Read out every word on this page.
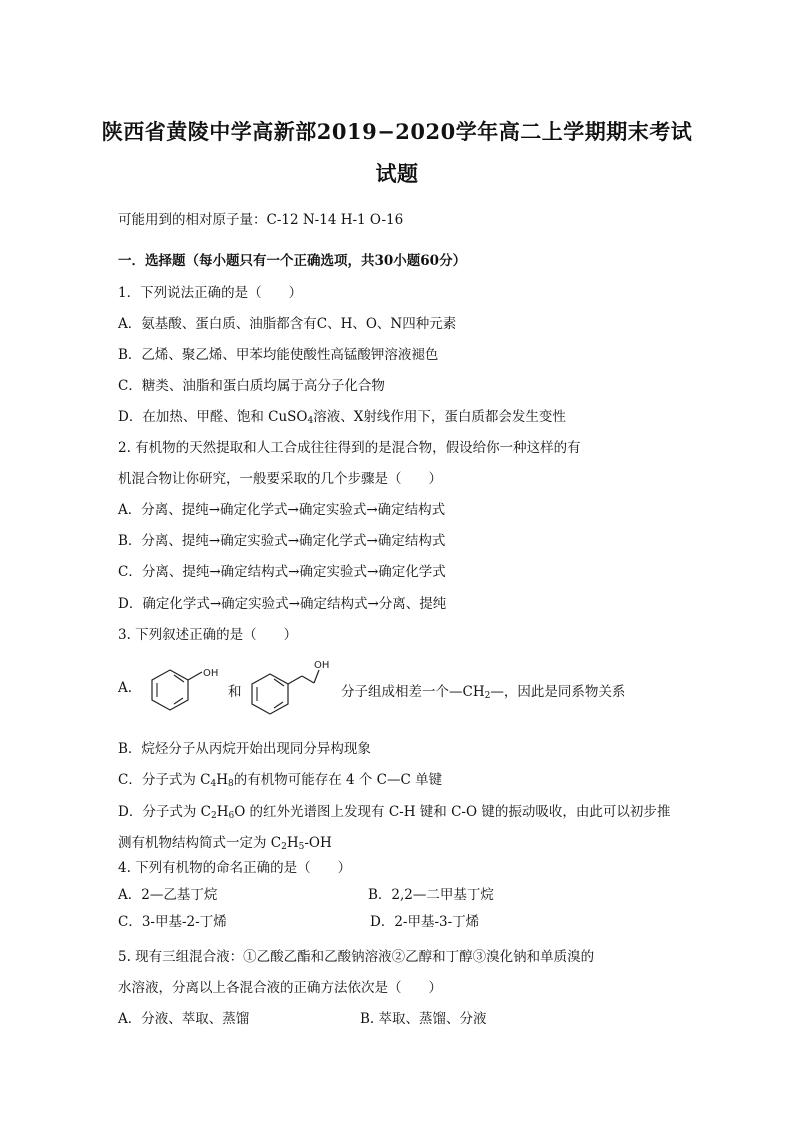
陕西省黄陵中学高新部2019−2020学年高二上学期期末考试
试题
可能用到的相对原子量：C-12 N-14 H-1 O-16
一．选择题（每小题只有一个正确选项，共30小题60分）
1．下列说法正确的是（　　）
A．氨基酸、蛋白质、油脂都含有C、H、O、N四种元素
B．乙烯、聚乙烯、甲苯均能使酸性高锰酸钾溶液褪色
C．糖类、油脂和蛋白质均属于高分子化合物
D．在加热、甲醛、饱和 CuSO$_4$溶液、X射线作用下，蛋白质都会发生变性
2. 有机物的天然提取和人工合成往往得到的是混合物，假设给你一种这样的有
机混合物让你研究，一般要采取的几个步骤是（　　）
A．分离、提纯→确定化学式→确定实验式→确定结构式
B．分离、提纯→确定实验式→确定化学式→确定结构式
C．分离、提纯→确定结构式→确定实验式→确定化学式
D．确定化学式→确定实验式→确定结构式→分离、提纯
3. 下列叙述正确的是（　　）
A.
OH
和
OH
分子组成相差一个$—CH_2—$，因此是同系物关系
B．烷烃分子从丙烷开始出现同分异构现象
C．分子式为 $C_4H_8$的有机物可能存在 4 个 C—C 单键
D．分子式为 $C_2H_6O$ 的红外光谱图上发现有 C-H 键和 C-O 键的振动吸收，由此可以初步推
测有机物结构简式一定为 $C_2H_5-OH$
4. 下列有机物的命名正确的是（　　）
A．2—乙基丁烷	B．2,2—二甲基丁烷
C．3-甲基-2-丁烯	D．2-甲基-3-丁烯
5. 现有三组混合液：①乙酸乙酯和乙酸钠溶液②乙醇和丁醇③溴化钠和单质溴的
水溶液，分离以上各混合液的正确方法依次是（　　）
A．分液、萃取、蒸馏	B. 萃取、蒸馏、分液
